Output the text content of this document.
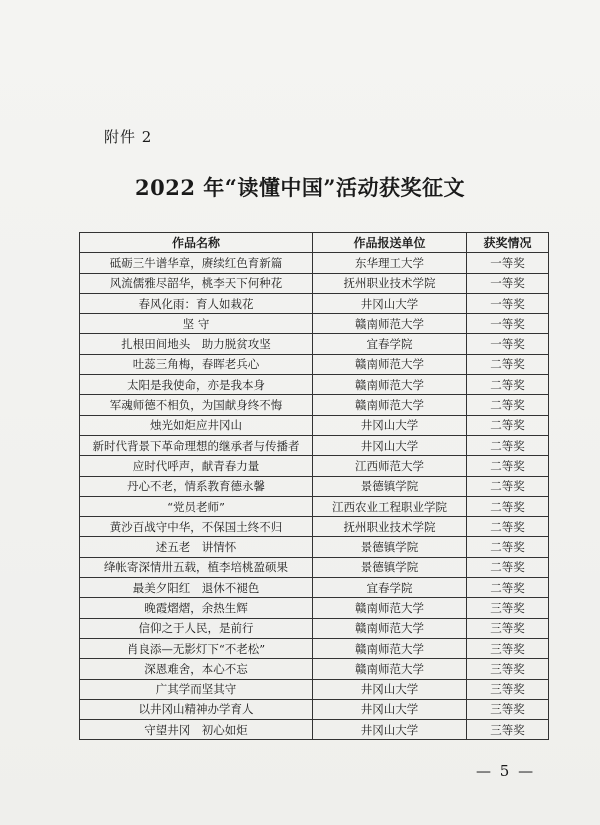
附件 2
2022 年“读懂中国”活动获奖征文
作品名称	作品报送单位	获奖情况
砥砺三牛谱华章，赓续红色育新篇	东华理工大学	一等奖
风流儒雅尽韶华，桃李天下何种花	抚州职业技术学院	一等奖
春风化雨：育人如栽花	井冈山大学	一等奖
坚 守	赣南师范大学	一等奖
扎根田间地头　助力脱贫攻坚	宜春学院	一等奖
吐蕊三角梅，春晖老兵心	赣南师范大学	二等奖
太阳是我使命，亦是我本身	赣南师范大学	二等奖
军魂师德不相负，为国献身终不悔	赣南师范大学	二等奖
烛光如炬应井冈山	井冈山大学	二等奖
新时代背景下革命理想的继承者与传播者	井冈山大学	二等奖
应时代呼声，献青春力量	江西师范大学	二等奖
丹心不老，情系教育德永馨	景德镇学院	二等奖
“党员老师”	江西农业工程职业学院	二等奖
黄沙百战守中华，不保国土终不归	抚州职业技术学院	二等奖
述五老　讲情怀	景德镇学院	二等奖
绛帐寄深情卅五载，植李培桃盈硕果	景德镇学院	二等奖
最美夕阳红　退休不褪色	宜春学院	二等奖
晚霞熠熠，余热生辉	赣南师范大学	三等奖
信仰之于人民，是前行	赣南师范大学	三等奖
肖良添—无影灯下“不老松”	赣南师范大学	三等奖
深恩难舍，本心不忘	赣南师范大学	三等奖
广其学而坚其守	井冈山大学	三等奖
以井冈山精神办学育人	井冈山大学	三等奖
守望井冈　初心如炬	井冈山大学	三等奖
— 5 —
